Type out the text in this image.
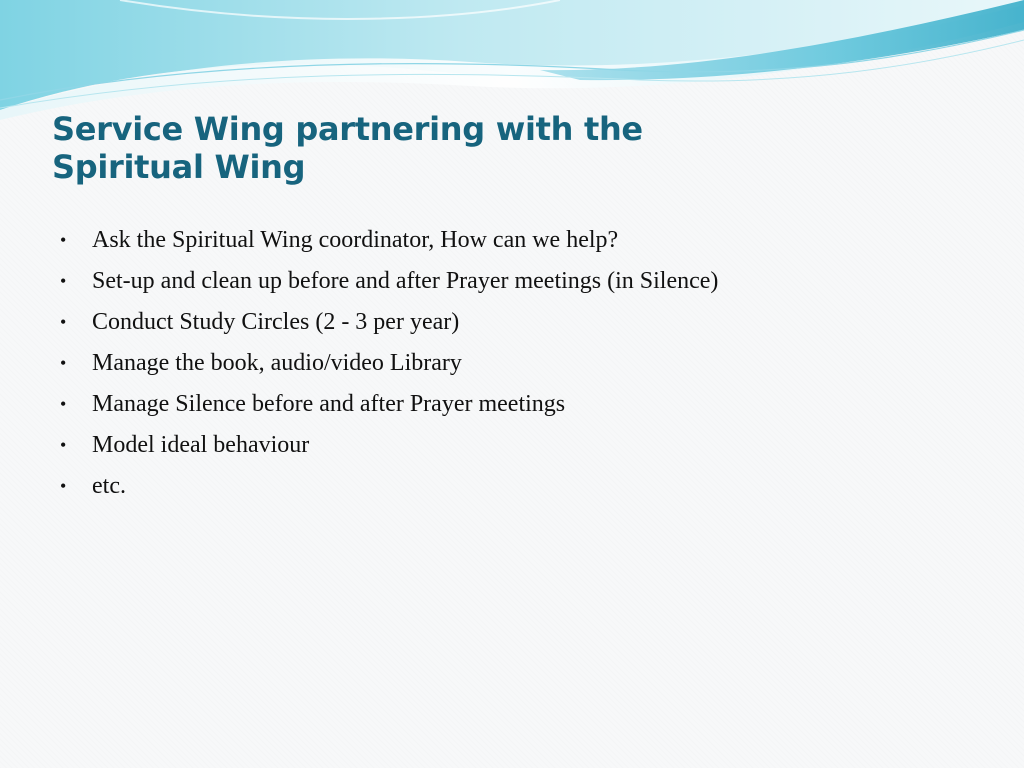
Service Wing partnering with the
Spiritual Wing
• Ask the Spiritual Wing coordinator, How can we help?
• Set-up and clean up before and after Prayer meetings (in Silence)
• Conduct Study Circles (2 - 3 per year)
• Manage the book, audio/video Library
• Manage Silence before and after Prayer meetings
• Model ideal behaviour
• etc.
